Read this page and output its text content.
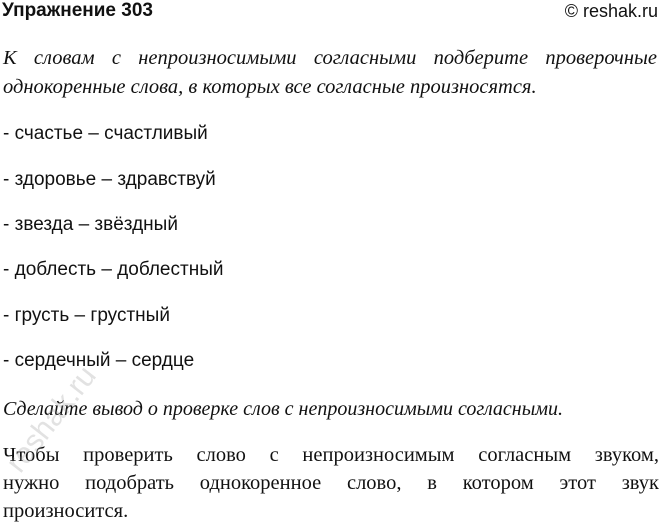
Упражнение 303	© reshak.ru
К словам с непроизносимыми согласными подберите проверочные
однокоренные слова, в которых все согласные произносятся.
- счастье – счастливый
- здоровье – здравствуй
- звезда – звёздный
- доблесть – доблестный
- грусть – грустный
- сердечный – сердце
Сделайте вывод о проверке слов с непроизносимыми согласными.
Чтобы проверить слово с непроизносимым согласным звуком,
нужно подобрать однокоренное слово, в котором этот звук
произносится.
reshak.ru
